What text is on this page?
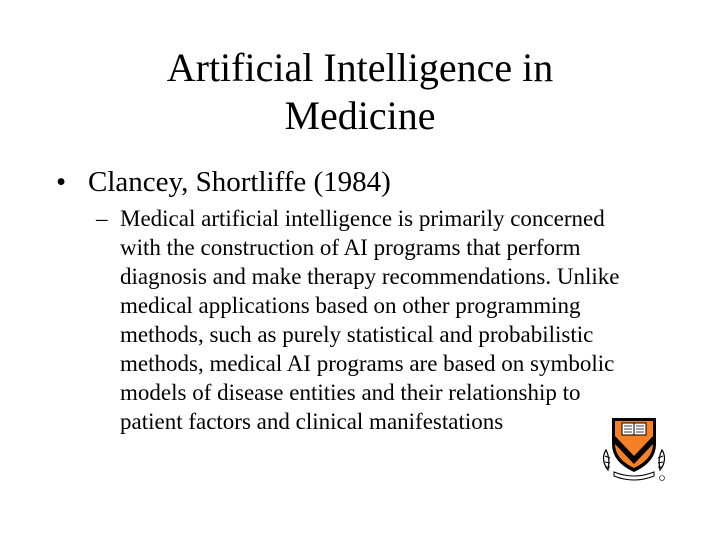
Artificial Intelligence in
Medicine
• Clancey, Shortliffe (1984)
– Medical artificial intelligence is primarily concerned
with the construction of AI programs that perform
diagnosis and make therapy recommendations. Unlike
medical applications based on other programming
methods, such as purely statistical and probabilistic
methods, medical AI programs are based on symbolic
models of disease entities and their relationship to
patient factors and clinical manifestations
